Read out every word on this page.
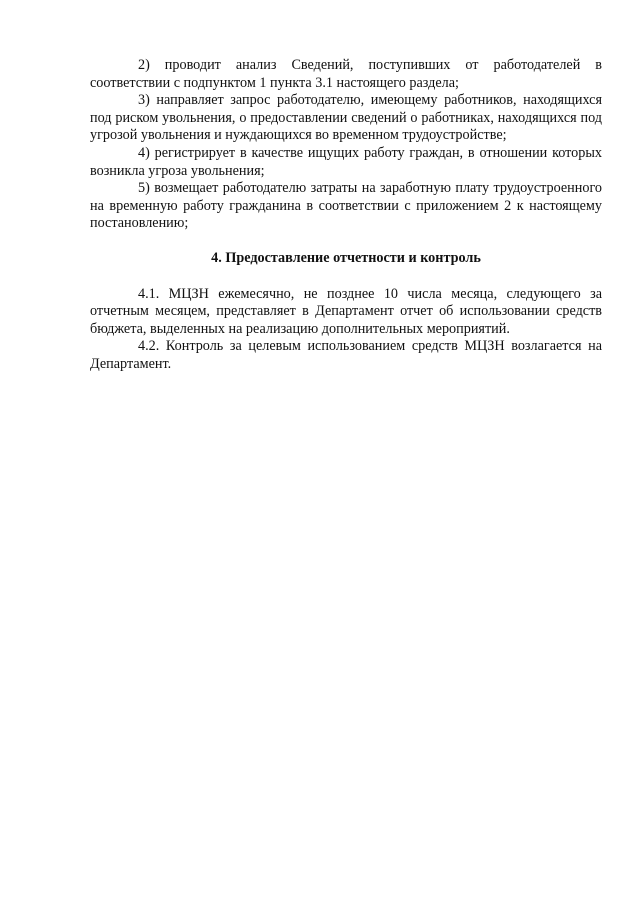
2) проводит анализ Сведений, поступивших от работодателей в соответствии с подпунктом 1 пункта 3.1 настоящего раздела;

3) направляет запрос работодателю, имеющему работников, находящихся под риском увольнения, о предоставлении сведений о работниках, находящихся под угрозой увольнения и нуждающихся во временном трудоустройстве;

4) регистрирует в качестве ищущих работу граждан, в отношении которых возникла угроза увольнения;

5) возмещает работодателю затраты на заработную плату трудоустроенного на временную работу гражданина в соответствии с приложением 2 к настоящему постановлению;

4. Предоставление отчетности и контроль

4.1. МЦЗН ежемесячно, не позднее 10 числа месяца, следующего за отчетным месяцем, представляет в Департамент отчет об использовании средств бюджета, выделенных на реализацию дополнительных мероприятий.

4.2. Контроль за целевым использованием средств МЦЗН возлагается на Департамент.
